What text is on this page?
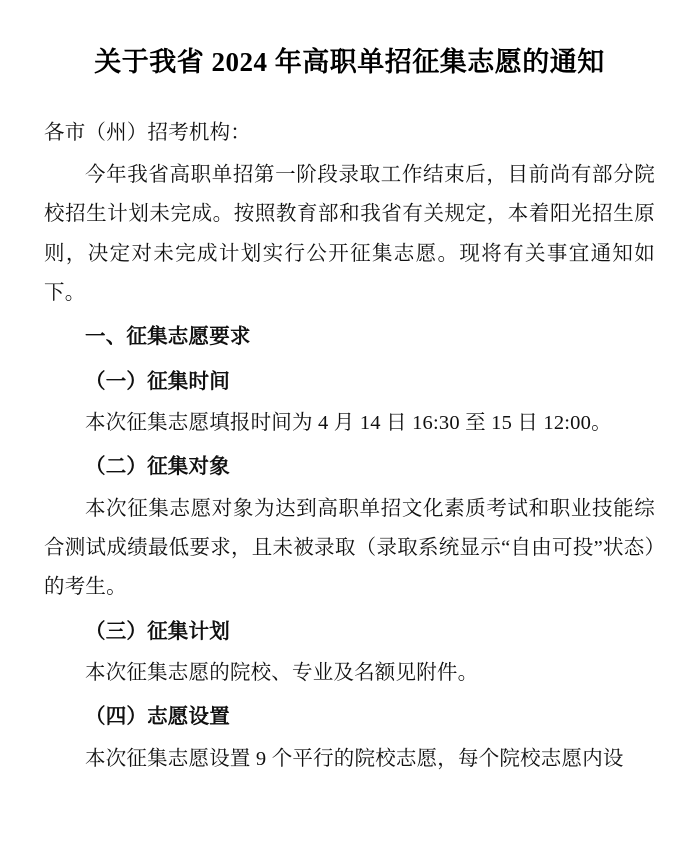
关于我省 2024 年高职单招征集志愿的通知

各市（州）招考机构：

今年我省高职单招第一阶段录取工作结束后，目前尚有部分院校招生计划未完成。按照教育部和我省有关规定，本着阳光招生原则，决定对未完成计划实行公开征集志愿。现将有关事宜通知如下。

一、征集志愿要求

（一）征集时间

本次征集志愿填报时间为 4 月 14 日 16:30 至 15 日 12:00。

（二）征集对象

本次征集志愿对象为达到高职单招文化素质考试和职业技能综合测试成绩最低要求，且未被录取（录取系统显示“自由可投”状态）的考生。

（三）征集计划

本次征集志愿的院校、专业及名额见附件。

（四）志愿设置

本次征集志愿设置 9 个平行的院校志愿，每个院校志愿内设
